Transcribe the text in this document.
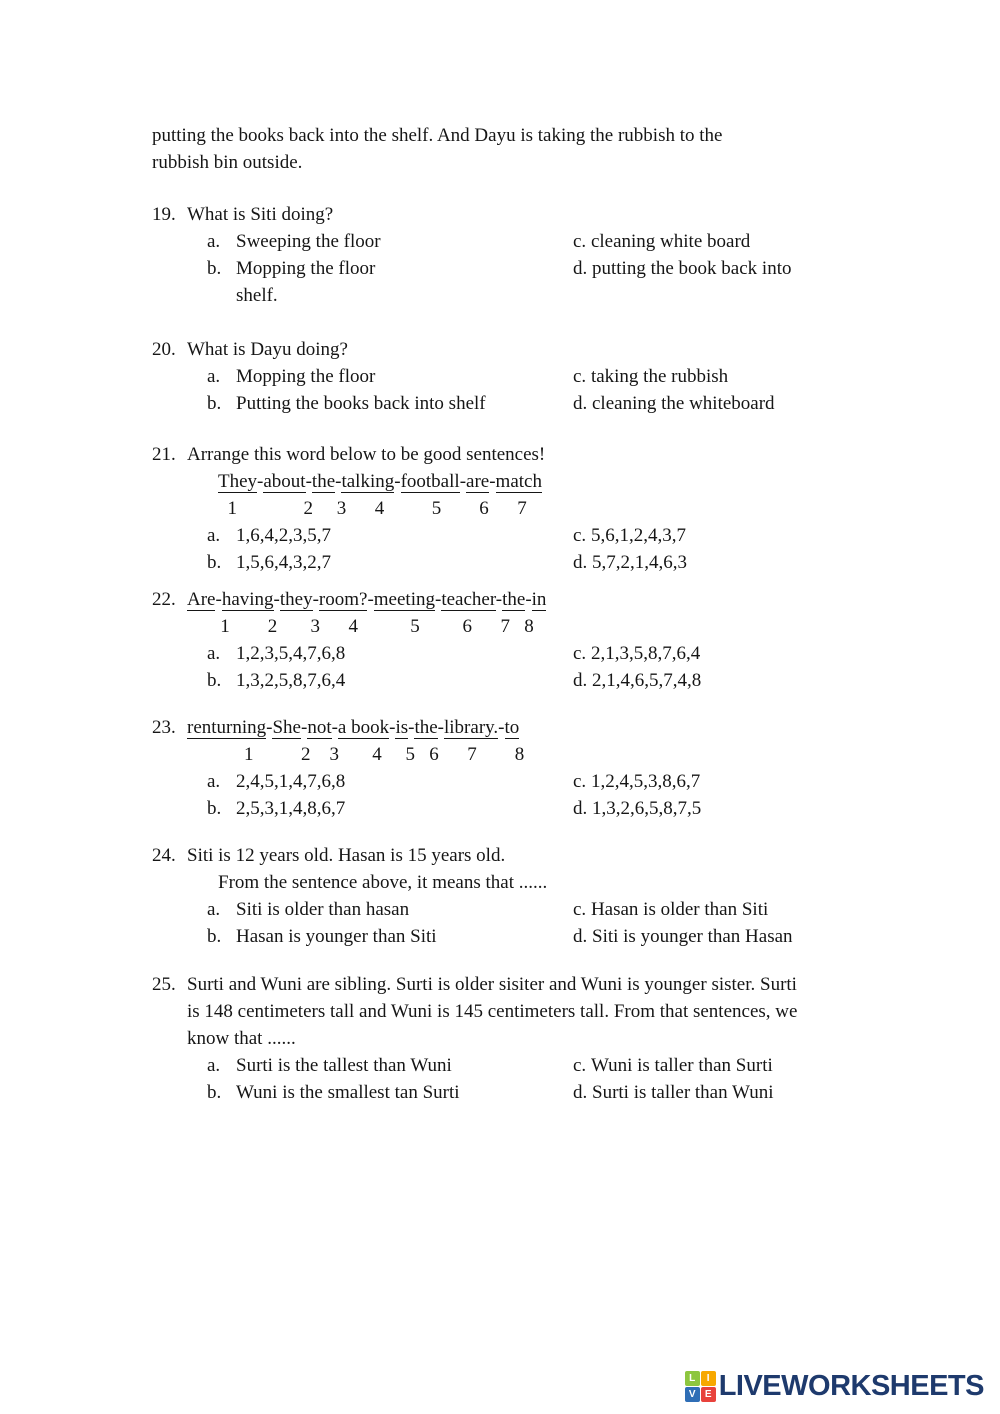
putting the books back into the shelf. And Dayu is taking the rubbish to the
rubbish bin outside.
19. What is Siti doing?
a. Sweeping the floor	c. cleaning white board
b. Mopping the floor	d. putting the book back into
shelf.
20. What is Dayu doing?
a. Mopping the floor	c. taking the rubbish
b. Putting the books back into shelf	d. cleaning the whiteboard
21. Arrange this word below to be good sentences!
They-about-the-talking-football-are-match
1              2     3      4          5        6      7
a. 1,6,4,2,3,5,7	c. 5,6,1,2,4,3,7
b. 1,5,6,4,3,2,7	d. 5,7,2,1,4,6,3
22. Are-having-they-room?-meeting-teacher-the-in
1        2       3      4           5         6      7   8
a. 1,2,3,5,4,7,6,8	c. 2,1,3,5,8,7,6,4
b. 1,3,2,5,8,7,6,4	d. 2,1,4,6,5,7,4,8
23. renturning-She-not-a book-is-the-library.-to
1          2    3       4     5   6      7        8
a. 2,4,5,1,4,7,6,8	c. 1,2,4,5,3,8,6,7
b. 2,5,3,1,4,8,6,7	d. 1,3,2,6,5,8,7,5
24. Siti is 12 years old. Hasan is 15 years old.
From the sentence above, it means that ......
a. Siti is older than hasan	c. Hasan is older than Siti
b. Hasan is younger than Siti	d. Siti is younger than Hasan
25. Surti and Wuni are sibling. Surti is older sisiter and Wuni is younger sister. Surti
is 148 centimeters tall and Wuni is 145 centimeters tall. From that sentences, we
know that ......
a. Surti is the tallest than Wuni	c. Wuni is taller than Surti
b. Wuni is the smallest tan Surti	d. Surti is taller than Wuni
L	I
V E LIVEWORKSHEETS
